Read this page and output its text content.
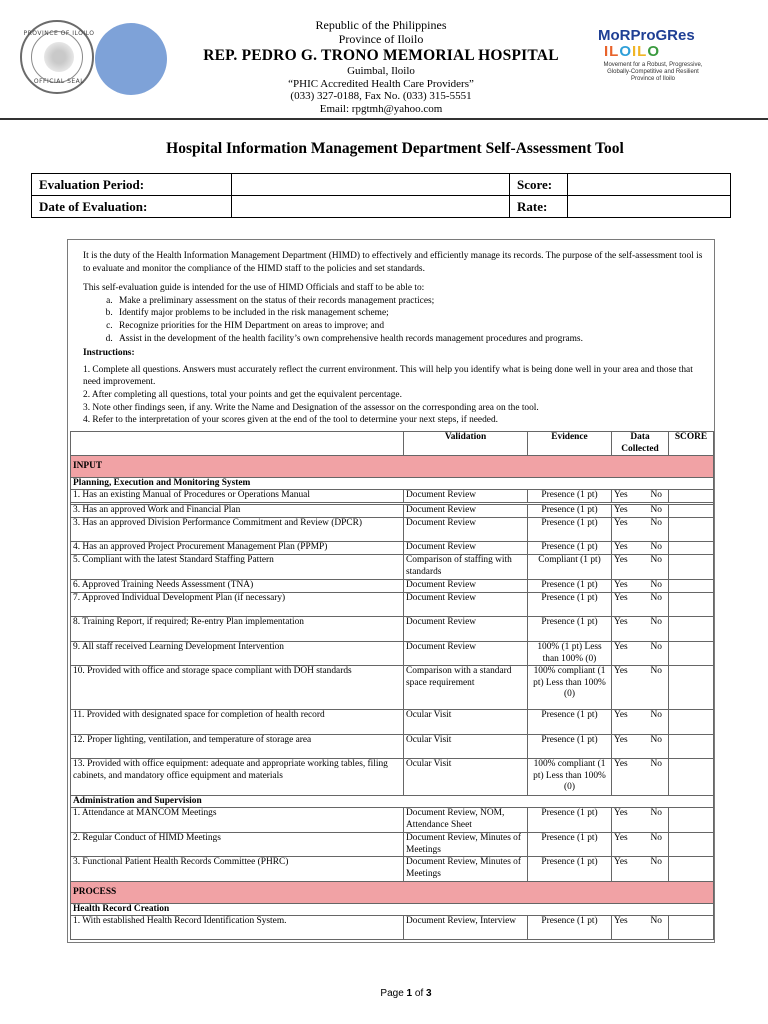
PROVINCE OF ILOILO
OFFICIAL SEAL
Republic of the Philippines
Province of Iloilo
REP. PEDRO G. TRONO MEMORIAL HOSPITAL
Guimbal, Iloilo
“PHIC Accredited Health Care Providers”
(033) 327-0188, Fax No. (033) 315-5551
Email: rpgtmh@yahoo.com
MoRProGRes
ILOILO
Movement for a Robust, Progressive, Globally-Competitive and Resilient Province of Iloilo
Hospital Information Management Department Self-Assessment Tool
Evaluation Period:		Score:	
Date of Evaluation:		Rate:	

It is the duty of the Health Information Management Department (HIMD) to effectively and efficiently manage its records. The purpose of the self-assessment tool is to evaluate and monitor the compliance of the HIMD staff to the policies and set standards.

This self-evaluation guide is intended for the use of HIMD Officials and staff to be able to:

a. Make a preliminary assessment on the status of their records management practices;
b. Identify major problems to be included in the risk management scheme;
c. Recognize priorities for the HIM Department on areas to improve; and
d. Assist in the development of the health facility’s own comprehensive health records management procedures and programs.

Instructions:

1. Complete all questions. Answers must accurately reflect the current environment. This will help you identify what is being done well in your area and those that need improvement.

2. After completing all questions, total your points and get the equivalent percentage.

3. Note other findings seen, if any. Write the Name and Designation of the assessor on the corresponding area on the tool.

4. Refer to the interpretation of your scores given at the end of the tool to determine your next steps, if needed.

	Validation	Evidence	Data Collected	SCORE
INPUT				
Planning, Execution and Monitoring System				
1. Has an existing Manual of Procedures or Operations Manual	Document Review	Presence (1 pt)	Yes No	

3. Has an approved Work and Financial Plan	Document Review	Presence (1 pt)	Yes No	

3. Has an approved Division Performance Commitment and Review (DPCR)	Document Review	Presence (1 pt)	Yes No	

4. Has an approved Project Procurement Management Plan (PPMP)	Document Review	Presence (1 pt)	Yes No	

5. Compliant with the latest Standard Staffing Pattern	Comparison of staffing with standards	Compliant (1 pt)	Yes No	

6. Approved Training Needs Assessment (TNA)	Document Review	Presence (1 pt)	Yes No	

7. Approved Individual Development Plan (if necessary)	Document Review	Presence (1 pt)	Yes No	

8. Training Report, if required; Re-entry Plan implementation	Document Review	Presence (1 pt)	Yes No	

9. All staff received Learning Development Intervention	Document Review	100% (1 pt) Less than 100% (0)	Yes No	

10. Provided with office and storage space compliant with DOH standards	Comparison with a standard space requirement	100% compliant (1 pt) Less than 100% (0)	Yes No	

11. Provided with designated space for completion of health record	Ocular Visit	Presence (1 pt)	Yes No	

12. Proper lighting, ventilation, and temperature of storage area	Ocular Visit	Presence (1 pt)	Yes No	

13. Provided with office equipment: adequate and appropriate working tables, filing cabinets, and mandatory office equipment and materials	Ocular Visit	100% compliant (1 pt) Less than 100% (0)	Yes No	

Administration and Supervision				
1. Attendance at MANCOM Meetings	Document Review, NOM, Attendance Sheet	Presence (1 pt)	Yes No	

2. Regular Conduct of HIMD Meetings	Document Review, Minutes of Meetings	Presence (1 pt)	Yes No	

3. Functional Patient Health Records Committee (PHRC)	Document Review, Minutes of Meetings	Presence (1 pt)	Yes No	

PROCESS				
Health Record Creation				
1. With established Health Record Identification System.	Document Review, Interview	Presence (1 pt)	Yes No	

Page 1 of 3
